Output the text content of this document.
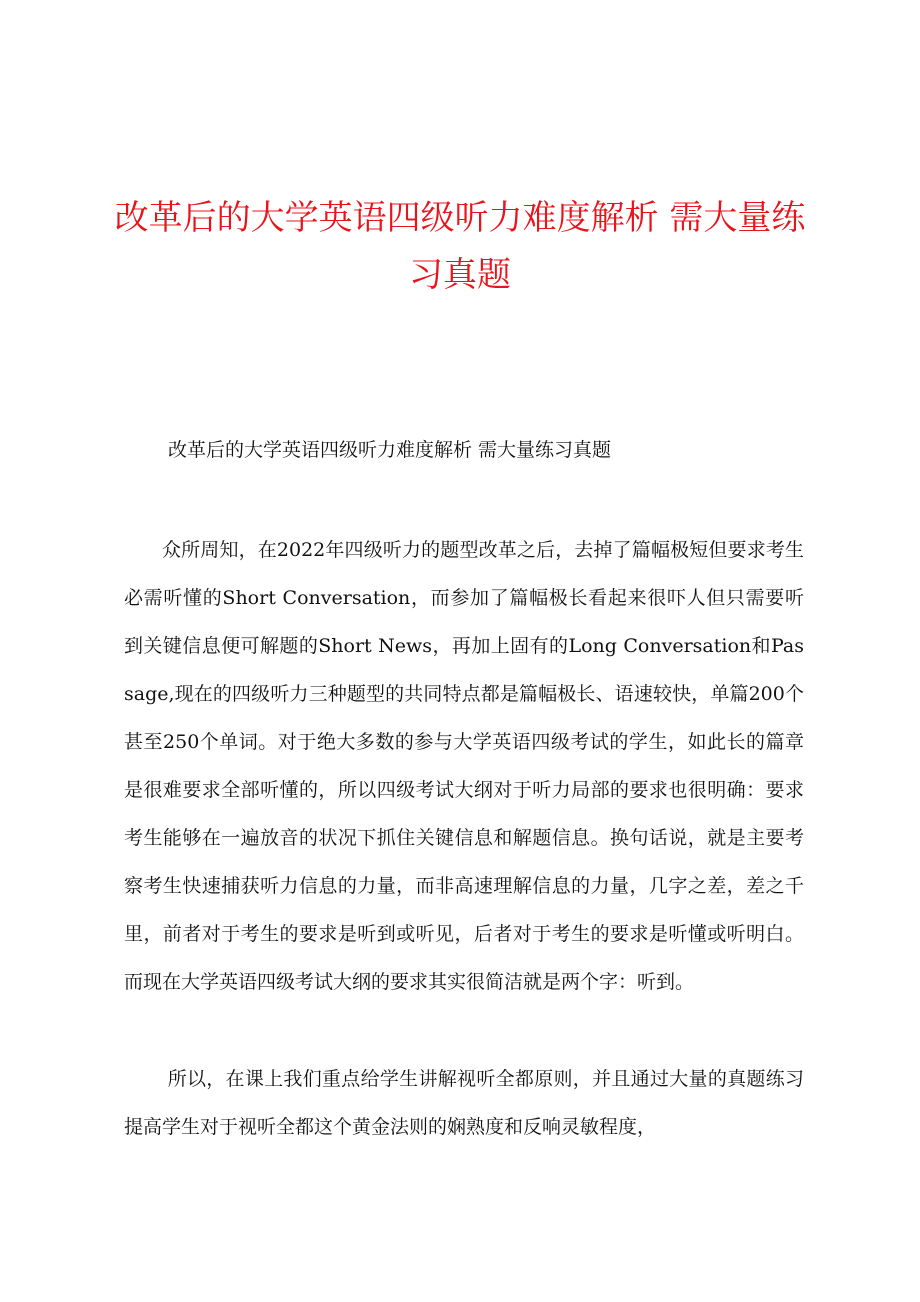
改革后的大学英语四级听力难度解析 需大量练习真题

改革后的大学英语四级听力难度解析 需大量练习真题

众所周知，在2022年四级听力的题型改革之后，去掉了篇幅极短但要求考生必需听懂的Short Conversation，而参加了篇幅极长看起来很吓人但只需要听到关键信息便可解题的Short News，再加上固有的Long Conversation和Passage,现在的四级听力三种题型的共同特点都是篇幅极长、语速较快，单篇200个甚至250个单词。对于绝大多数的参与大学英语四级考试的学生，如此长的篇章是很难要求全部听懂的，所以四级考试大纲对于听力局部的要求也很明确：要求考生能够在一遍放音的状况下抓住关键信息和解题信息。换句话说，就是主要考察考生快速捕获听力信息的力量，而非高速理解信息的力量，几字之差，差之千里，前者对于考生的要求是听到或听见，后者对于考生的要求是听懂或听明白。而现在大学英语四级考试大纲的要求其实很简洁就是两个字：听到。

所以，在课上我们重点给学生讲解视听全都原则，并且通过大量的真题练习提高学生对于视听全都这个黄金法则的娴熟度和反响灵敏程度，
